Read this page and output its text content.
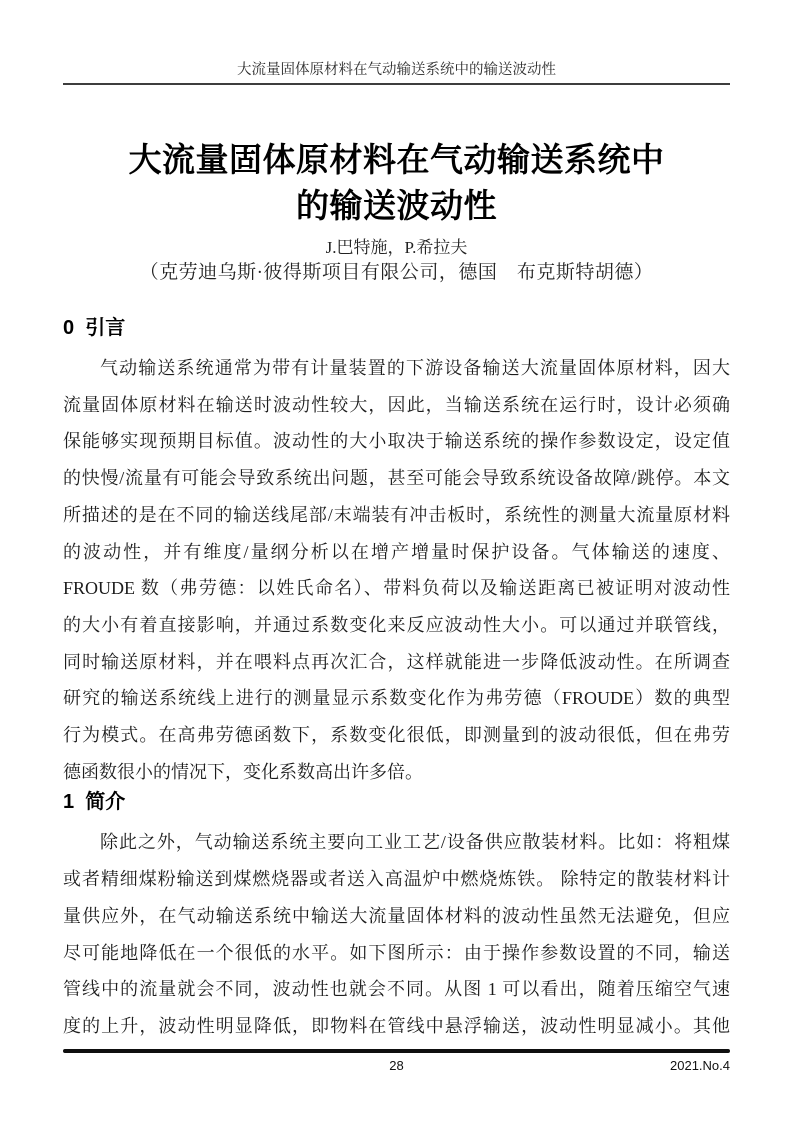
大流量固体原材料在气动输送系统中的输送波动性
大流量固体原材料在气动输送系统中
的输送波动性
J.巴特施，P.希拉夫
（克劳迪乌斯·彼得斯项目有限公司，德国　布克斯特胡德）
0  引言
气动输送系统通常为带有计量装置的下游设备输送大流量固体原材料，因大
流量固体原材料在输送时波动性较大，因此，当输送系统在运行时，设计必须确
保能够实现预期目标值。波动性的大小取决于输送系统的操作参数设定，设定值
的快慢/流量有可能会导致系统出问题，甚至可能会导致系统设备故障/跳停。本文
所描述的是在不同的输送线尾部/末端装有冲击板时，系统性的测量大流量原材料
的波动性，并有维度/量纲分析以在增产增量时保护设备。气体输送的速度、
FROUDE 数（弗劳德：以姓氏命名）、带料负荷以及输送距离已被证明对波动性
的大小有着直接影响，并通过系数变化来反应波动性大小。可以通过并联管线，
同时输送原材料，并在喂料点再次汇合，这样就能进一步降低波动性。在所调查
研究的输送系统线上进行的测量显示系数变化作为弗劳德（FROUDE）数的典型
行为模式。在高弗劳德函数下，系数变化很低，即测量到的波动很低，但在弗劳
德函数很小的情况下，变化系数高出许多倍。
1  简介
除此之外，气动输送系统主要向工业工艺/设备供应散装材料。比如：将粗煤
或者精细煤粉输送到煤燃烧器或者送入高温炉中燃烧炼铁。 除特定的散装材料计
量供应外，在气动输送系统中输送大流量固体材料的波动性虽然无法避免，但应
尽可能地降低在一个很低的水平。如下图所示：由于操作参数设置的不同，输送
管线中的流量就会不同，波动性也就会不同。从图 1 可以看出，随着压缩空气速
度的上升，波动性明显降低，即物料在管线中悬浮输送，波动性明显减小。其他
28	2021.No.4
